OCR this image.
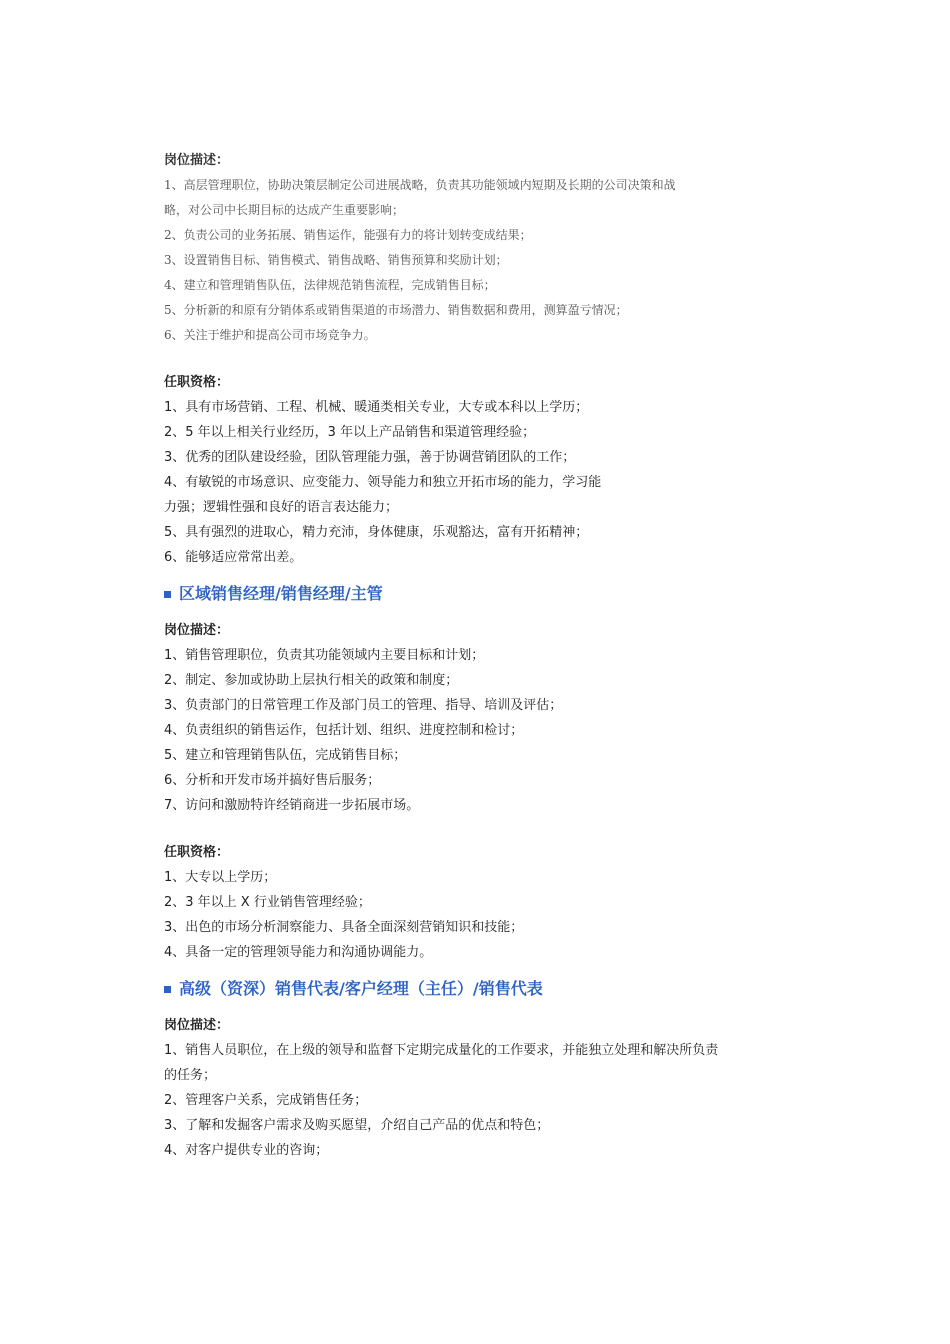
岗位描述：
1、高层管理职位，协助决策层制定公司进展战略，负责其功能领域内短期及长期的公司决策和战
略，对公司中长期目标的达成产生重要影响；
2、负责公司的业务拓展、销售运作，能强有力的将计划转变成结果；
3、设置销售目标、销售模式、销售战略、销售预算和奖励计划；
4、建立和管理销售队伍，法律规范销售流程，完成销售目标；
5、分析新的和原有分销体系或销售渠道的市场潜力、销售数据和费用，测算盈亏情况；
6、关注于维护和提高公司市场竞争力。
任职资格：
1、具有市场营销、工程、机械、暖通类相关专业，大专或本科以上学历；
2、5 年以上相关行业经历，3 年以上产品销售和渠道管理经验；
3、优秀的团队建设经验，团队管理能力强，善于协调营销团队的工作；
4、有敏锐的市场意识、应变能力、领导能力和独立开拓市场的能力，学习能
力强；逻辑性强和良好的语言表达能力；
5、具有强烈的进取心，精力充沛，身体健康，乐观豁达，富有开拓精神；
6、能够适应常常出差。
区域销售经理/销售经理/主管
岗位描述：
1、销售管理职位，负责其功能领域内主要目标和计划；
2、制定、参加或协助上层执行相关的政策和制度；
3、负责部门的日常管理工作及部门员工的管理、指导、培训及评估；
4、负责组织的销售运作，包括计划、组织、进度控制和检讨；
5、建立和管理销售队伍，完成销售目标；
6、分析和开发市场并搞好售后服务；
7、访问和激励特许经销商进一步拓展市场。
任职资格：
1、大专以上学历；
2、3 年以上 X 行业销售管理经验；
3、出色的市场分析洞察能力、具备全面深刻营销知识和技能；
4、具备一定的管理领导能力和沟通协调能力。
高级（资深）销售代表/客户经理（主任）/销售代表
岗位描述：
1、销售人员职位，在上级的领导和监督下定期完成量化的工作要求，并能独立处理和解决所负责
的任务；
2、管理客户关系，完成销售任务；
3、了解和发掘客户需求及购买愿望，介绍自己产品的优点和特色；
4、对客户提供专业的咨询；
